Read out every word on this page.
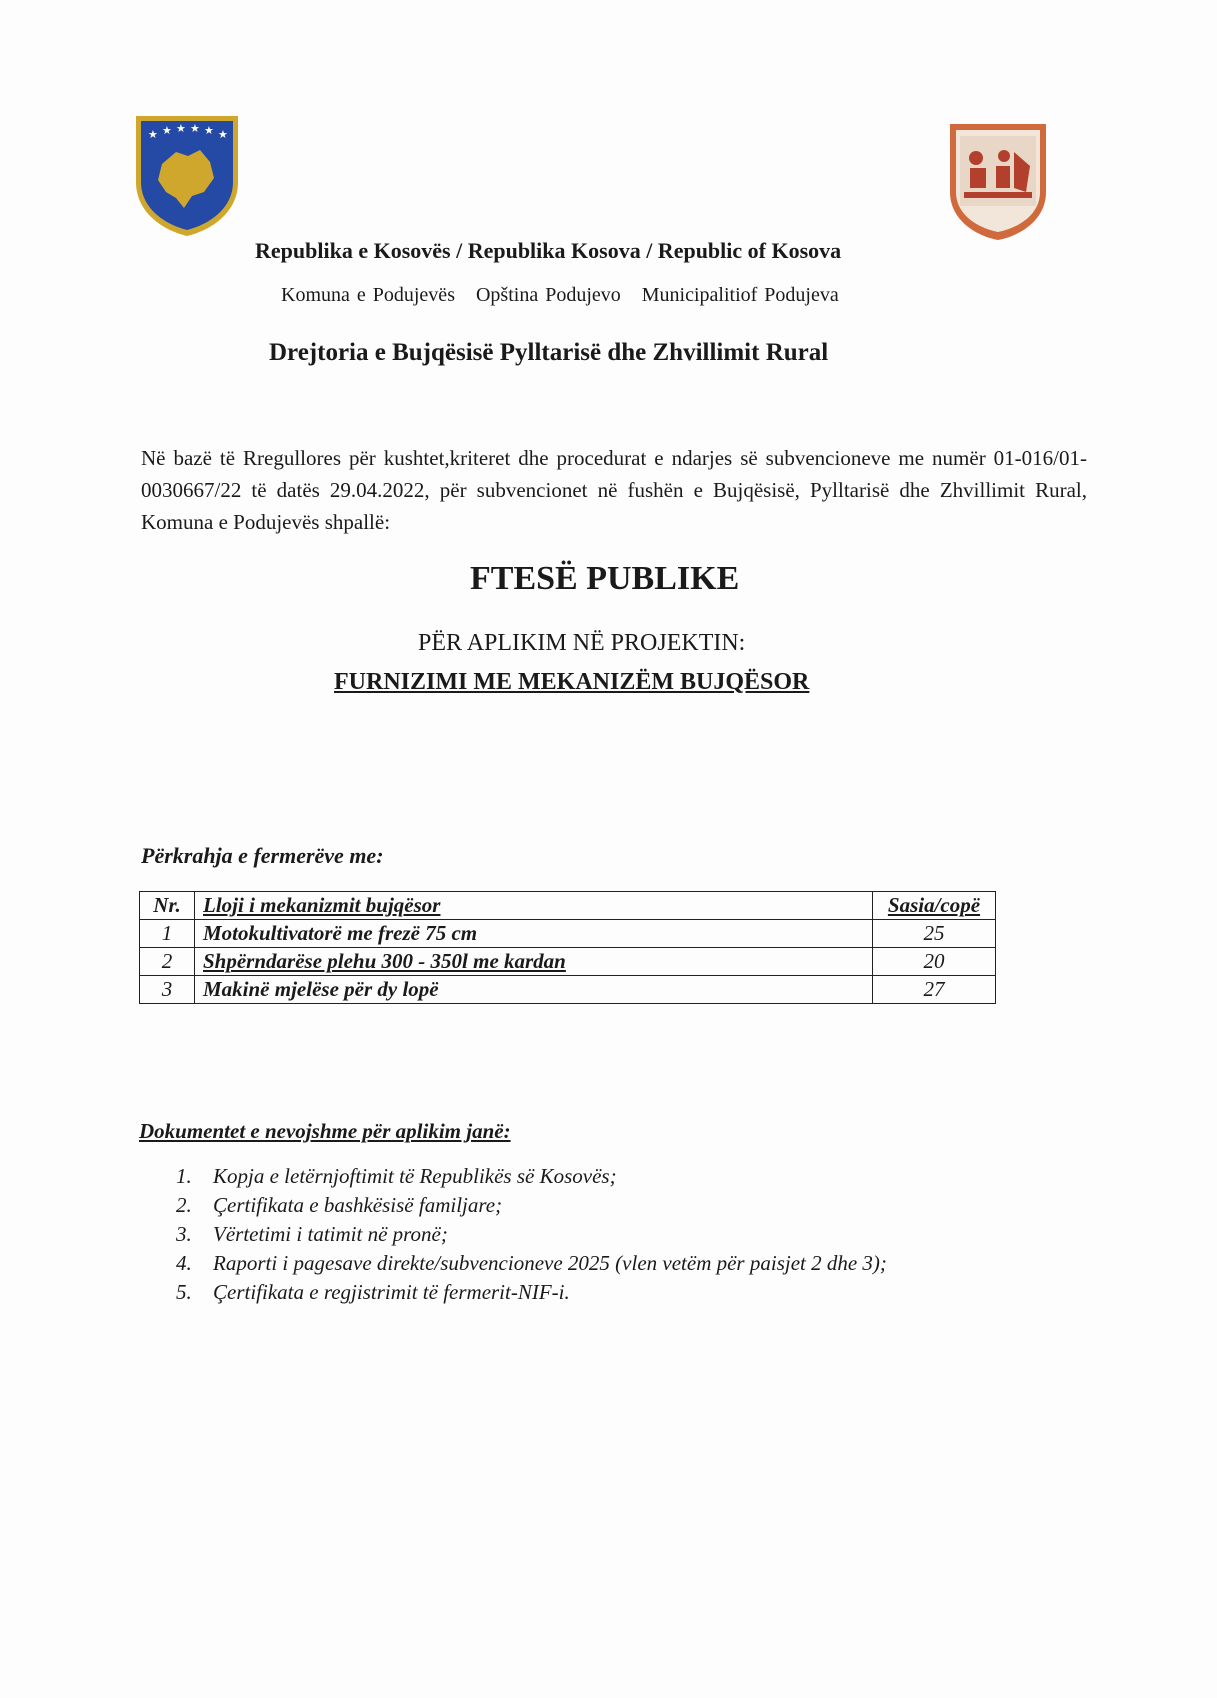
★ ★ ★ ★ ★ ★
Republika e Kosovës / Republika Kosova / Republic of Kosova
Komuna e Podujevës Opština Podujevo Municipalitiof Podujeva
Drejtoria e Bujqësisë Pylltarisë dhe Zhvillimit Rural
Në bazë të Rregullores për kushtet,kriteret dhe procedurat e ndarjes së subvencioneve me numër 01-016/01-0030667/22 të datës 29.04.2022, për subvencionet në fushën e Bujqësisë, Pylltarisë dhe Zhvillimit Rural, Komuna e Podujevës shpallë:
FTESË PUBLIKE
PËR APLIKIM NË PROJEKTIN:
FURNIZIMI ME MEKANIZËM BUJQËSOR
Përkrahja e fermerëve me:
Nr.	Lloji i mekanizmit bujqësor	Sasia/copë
1	Motokultivatorë me frezë 75 cm	25
2	Shpërndarëse plehu 300 - 350l me kardan	20
3	Makinë mjelëse për dy lopë	27
Dokumentet e nevojshme për aplikim janë:
1. Kopja e letërnjoftimit të Republikës së Kosovës;
2. Çertifikata e bashkësisë familjare;
3. Vërtetimi i tatimit në pronë;
4. Raporti i pagesave direkte/subvencioneve 2025 (vlen vetëm për paisjet 2 dhe 3);
5. Çertifikata e regjistrimit të fermerit-NIF-i.
